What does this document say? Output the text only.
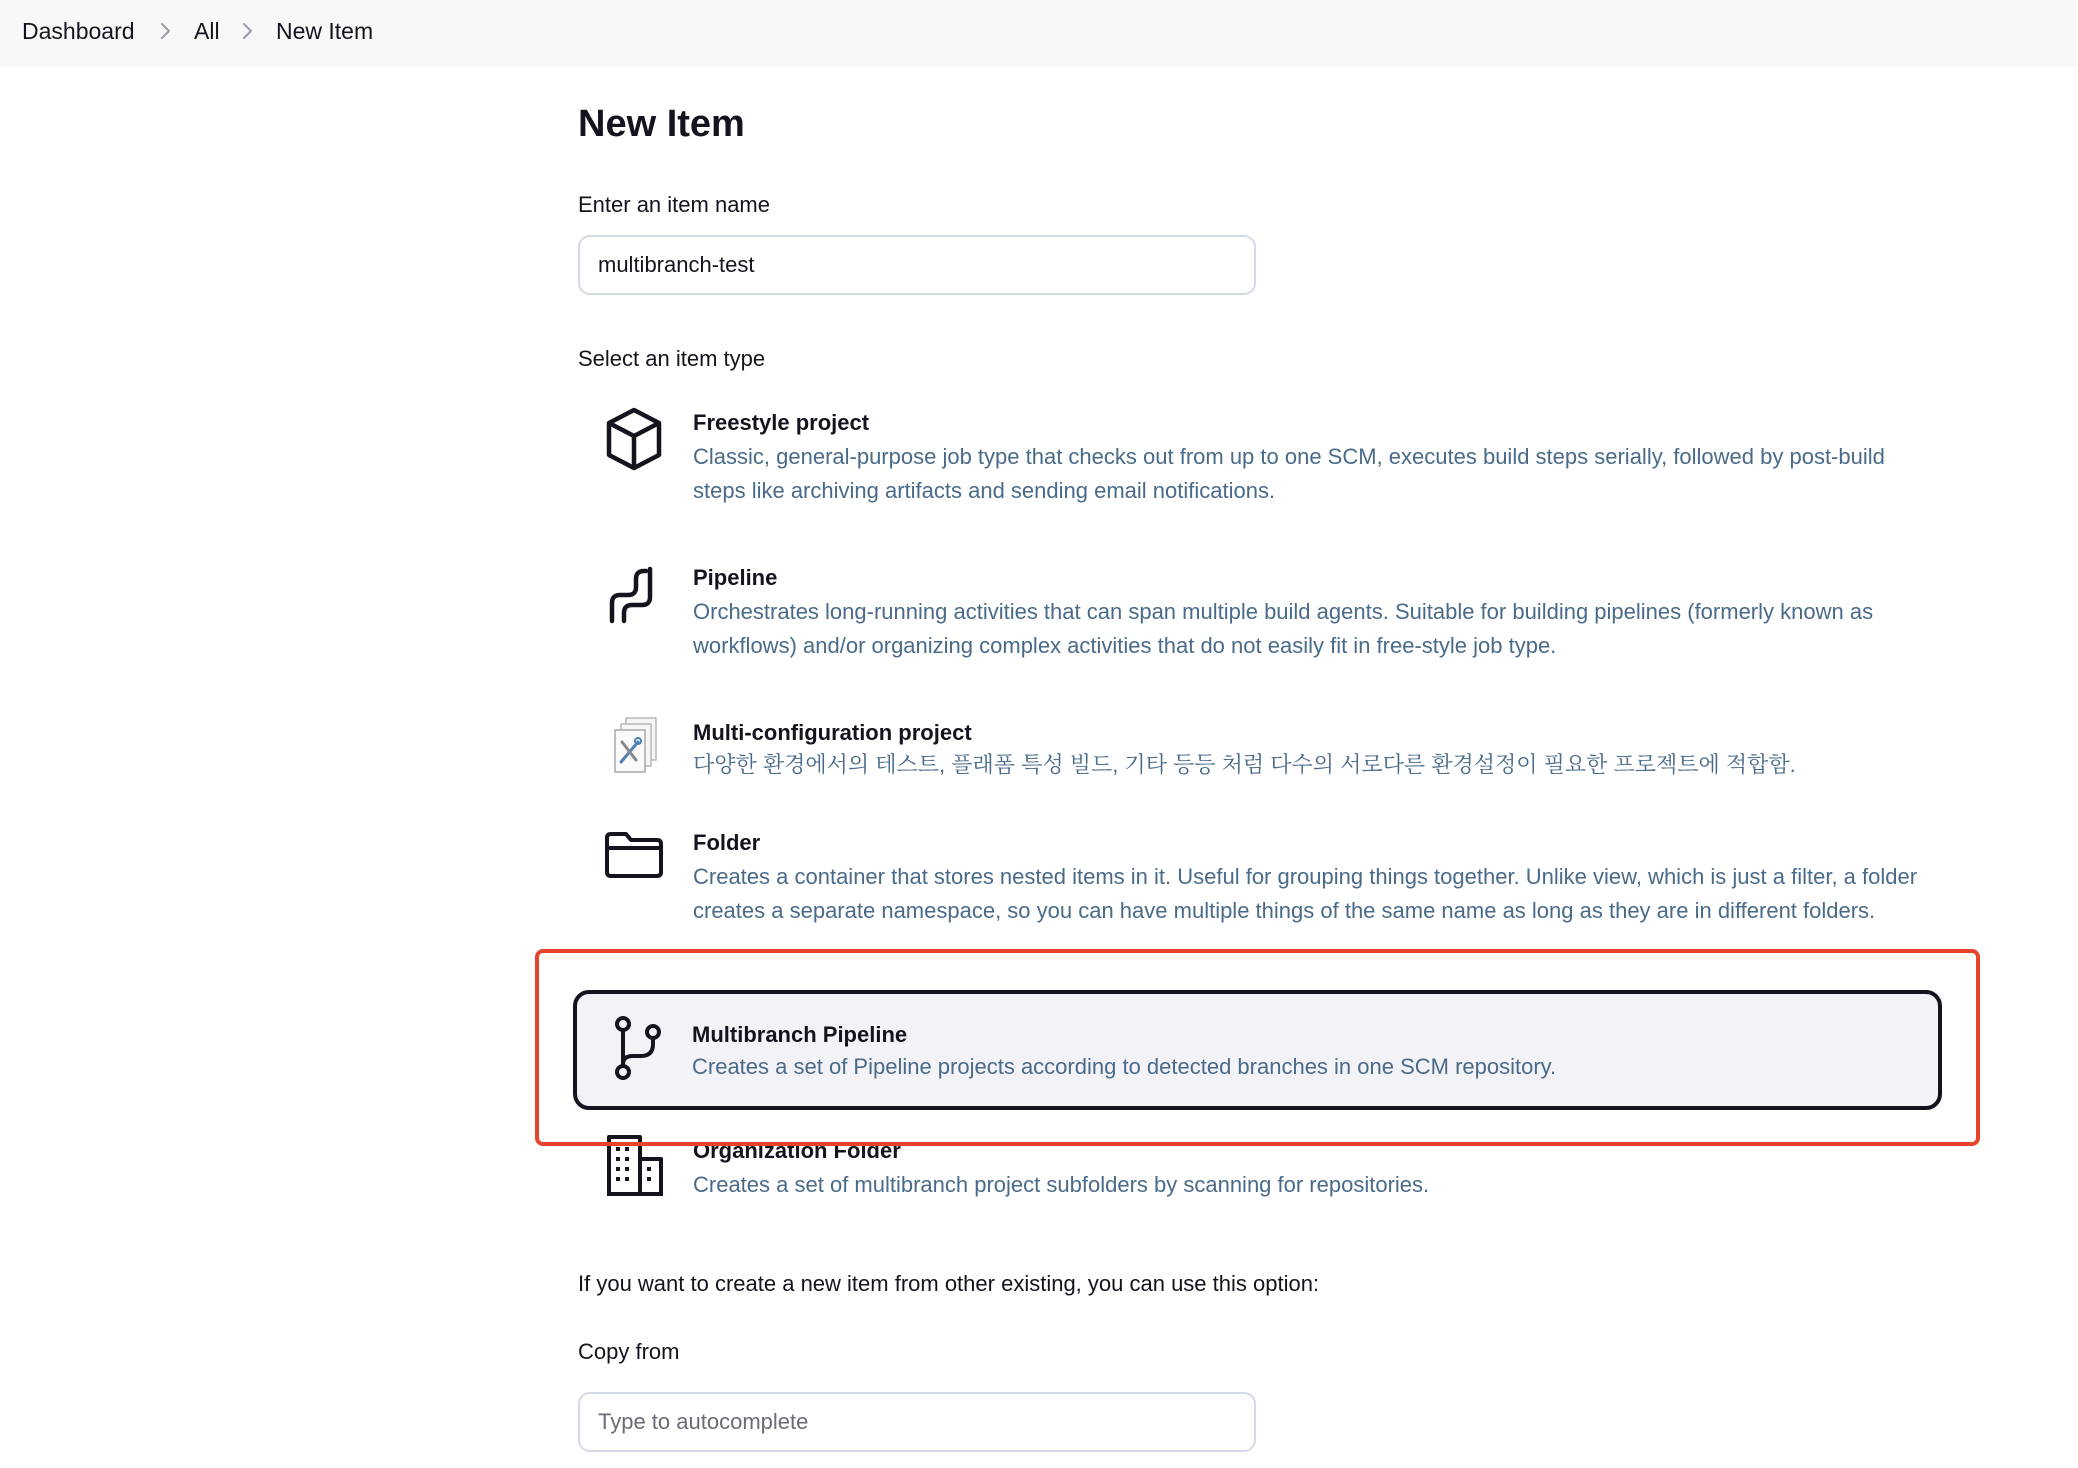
Dashboard	All New Item
New Item
Enter an item name
multibranch-test
Select an item type
Freestyle project
Classic, general-purpose job type that checks out from up to one SCM, executes build steps serially, followed by post-build steps like archiving artifacts and sending email notifications.
Pipeline
Orchestrates long-running activities that can span multiple build agents. Suitable for building pipelines (formerly known as workflows) and/or organizing complex activities that do not easily fit in free-style job type.
Multi-configuration project
다양한 환경에서의 테스트, 플래폼 특성 빌드, 기타 등등 처럼 다수의 서로다른 환경설정이 필요한 프로젝트에 적합함.
Folder
Creates a container that stores nested items in it. Useful for grouping things together. Unlike view, which is just a filter, a folder creates a separate namespace, so you can have multiple things of the same name as long as they are in different folders.
Organization Folder
Creates a set of multibranch project subfolders by scanning for repositories.
Multibranch Pipeline
Creates a set of Pipeline projects according to detected branches in one SCM repository.
If you want to create a new item from other existing, you can use this option:
Copy from
Type to autocomplete
